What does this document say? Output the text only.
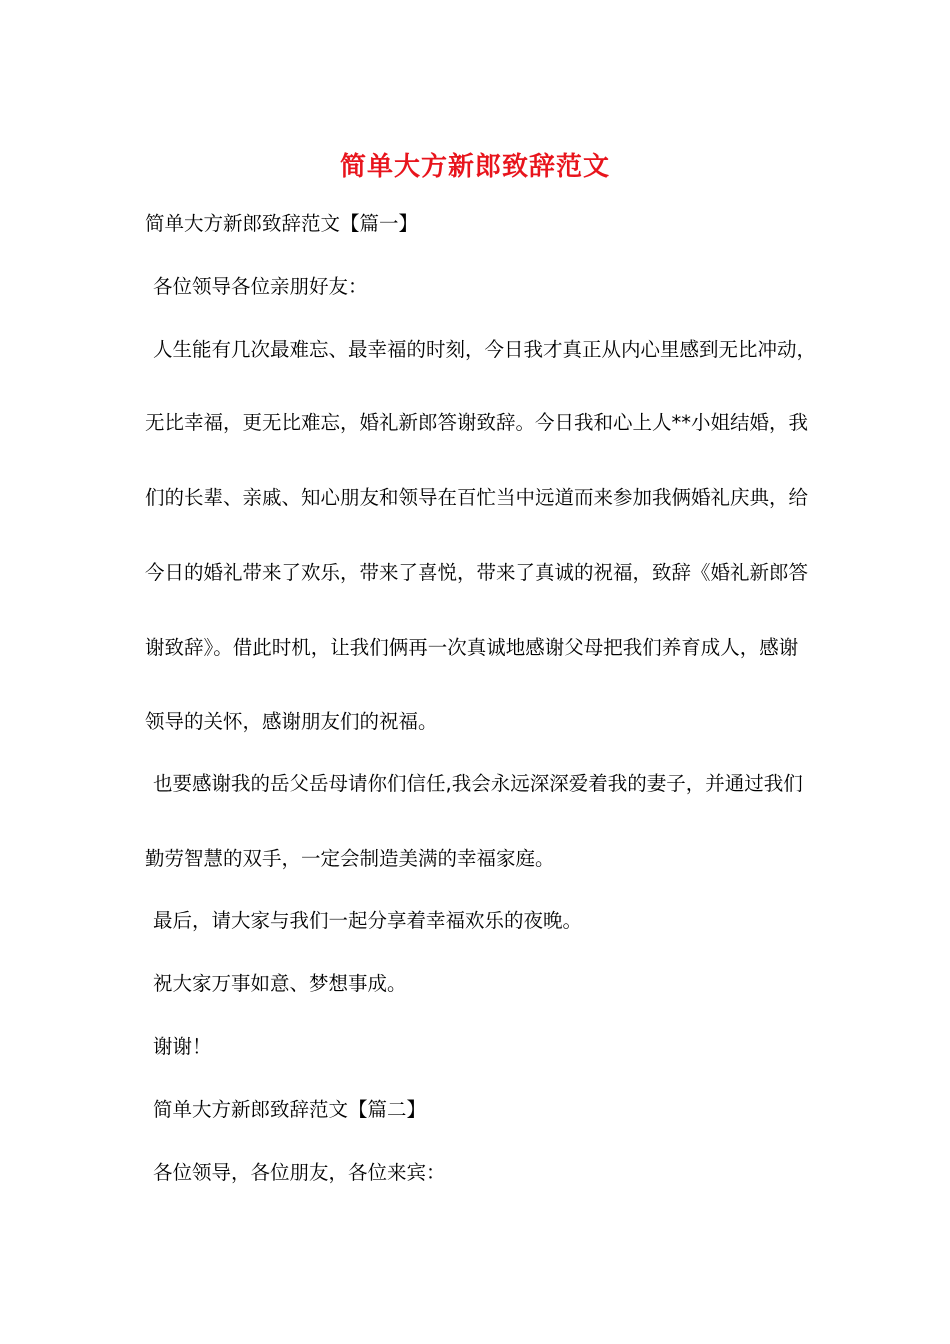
简单大方新郎致辞范文
简单大方新郎致辞范文【篇一】
各位领导各位亲朋好友：
人生能有几次最难忘、最幸福的时刻，今日我才真正从内心里感到无比冲动，
无比幸福，更无比难忘，婚礼新郎答谢致辞。今日我和心上人**小姐结婚，我
们的长辈、亲戚、知心朋友和领导在百忙当中远道而来参加我俩婚礼庆典，给
今日的婚礼带来了欢乐，带来了喜悦，带来了真诚的祝福，致辞《婚礼新郎答
谢致辞》。借此时机，让我们俩再一次真诚地感谢父母把我们养育成人，感谢
领导的关怀，感谢朋友们的祝福。
也要感谢我的岳父岳母请你们信任,我会永远深深爱着我的妻子，并通过我们
勤劳智慧的双手，一定会制造美满的幸福家庭。
最后，请大家与我们一起分享着幸福欢乐的夜晚。
祝大家万事如意、梦想事成。
谢谢！
简单大方新郎致辞范文【篇二】
各位领导，各位朋友，各位来宾：
